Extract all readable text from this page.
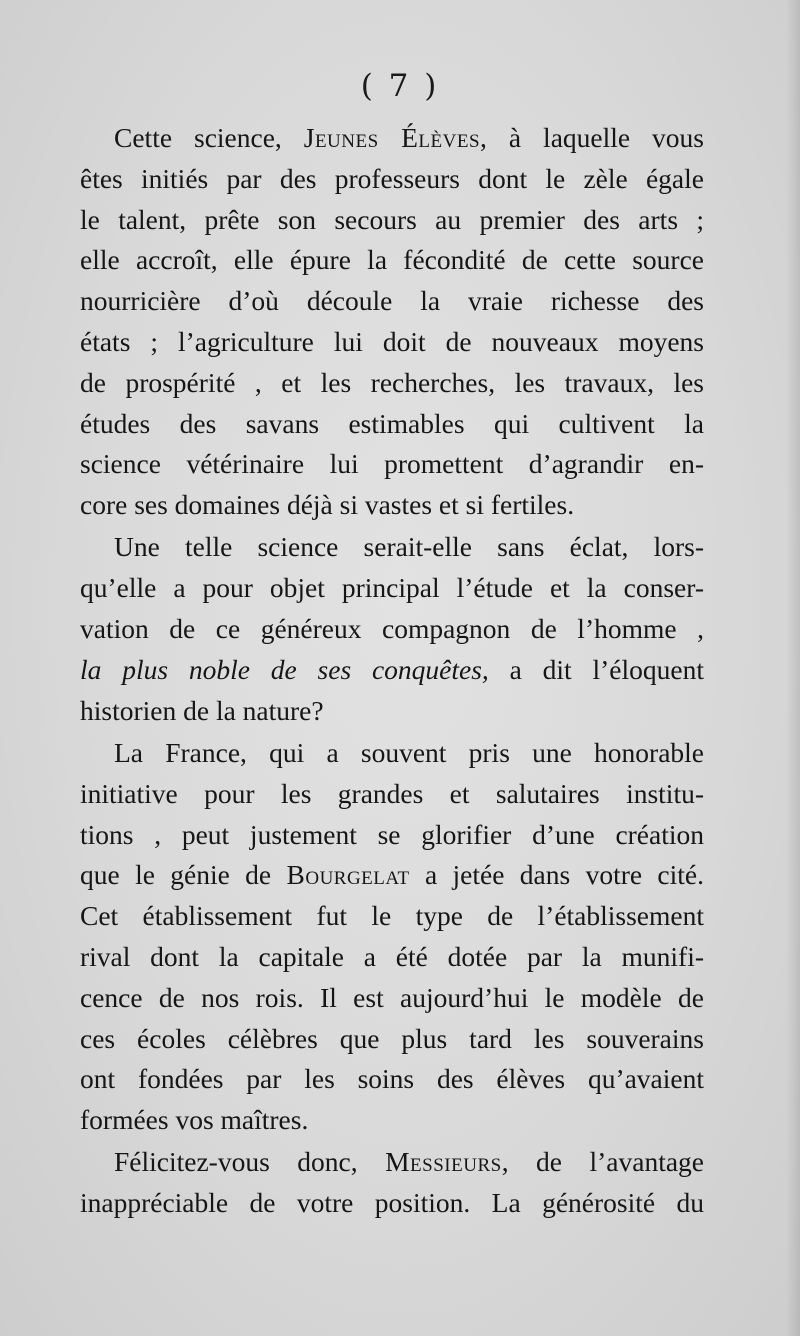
( 7 )
Cette science, Jeunes Élèves, à laquelle vous
êtes initiés par des professeurs dont le zèle égale
le talent, prête son secours au premier des arts ;
elle accroît, elle épure la fécondité de cette source
nourricière d’où découle la vraie richesse des
états ; l’agriculture lui doit de nouveaux moyens
de prospérité , et les recherches, les travaux, les
études des savans estimables qui cultivent la
science vétérinaire lui promettent d’agrandir en-
core ses domaines déjà si vastes et si fertiles.
Une telle science serait-elle sans éclat, lors-
qu’elle a pour objet principal l’étude et la conser-
vation de ce généreux compagnon de l’homme ,
la plus noble de ses conquêtes, a dit l’éloquent
historien de la nature?
La France, qui a souvent pris une honorable
initiative pour les grandes et salutaires institu-
tions , peut justement se glorifier d’une création
que le génie de Bourgelat a jetée dans votre cité.
Cet établissement fut le type de l’établissement
rival dont la capitale a été dotée par la munifi-
cence de nos rois. Il est aujourd’hui le modèle de
ces écoles célèbres que plus tard les souverains
ont fondées par les soins des élèves qu’avaient
formées vos maîtres.
Félicitez-vous donc, Messieurs, de l’avantage
inappréciable de votre position. La générosité du
